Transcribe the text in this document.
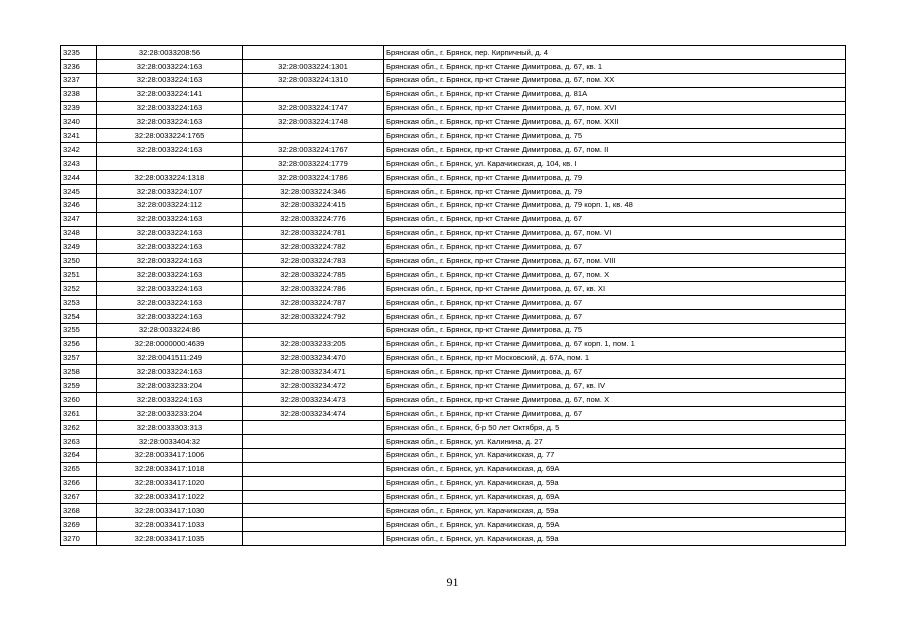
3235	32:28:0033208:56		Брянская обл., г. Брянск, пер. Кирпичный, д. 4
3236	32:28:0033224:163	32:28:0033224:1301	Брянская обл., г. Брянск, пр-кт Станке Димитрова, д. 67, кв. 1
3237	32:28:0033224:163	32:28:0033224:1310	Брянская обл., г. Брянск, пр-кт Станке Димитрова, д. 67, пом. XX
3238	32:28:0033224:141		Брянская обл., г. Брянск, пр-кт Станке Димитрова, д. 81А
3239	32:28:0033224:163	32:28:0033224:1747	Брянская обл., г. Брянск, пр-кт Станке Димитрова, д. 67, пом. XVI
3240	32:28:0033224:163	32:28:0033224:1748	Брянская обл., г. Брянск, пр-кт Станке Димитрова, д. 67, пом. XXII
3241	32:28:0033224:1765		Брянская обл., г. Брянск, пр-кт Станке Димитрова, д. 75
3242	32:28:0033224:163	32:28:0033224:1767	Брянская обл., г. Брянск, пр-кт Станке Димитрова, д. 67, пом. II
3243		32:28:0033224:1779	Брянская обл., г. Брянск, ул. Карачижская, д. 104, кв. I
3244	32:28:0033224:1318	32:28:0033224:1786	Брянская обл., г. Брянск, пр-кт Станке Димитрова, д. 79
3245	32:28:0033224:107	32:28:0033224:346	Брянская обл., г. Брянск, пр-кт Станке Димитрова, д. 79
3246	32:28:0033224:112	32:28:0033224:415	Брянская обл., г. Брянск, пр-кт Станке Димитрова, д. 79 корп. 1, кв. 48
3247	32:28:0033224:163	32:28:0033224:776	Брянская обл., г. Брянск, пр-кт Станке Димитрова, д. 67
3248	32:28:0033224:163	32:28:0033224:781	Брянская обл., г. Брянск, пр-кт Станке Димитрова, д. 67, пом. VI
3249	32:28:0033224:163	32:28:0033224:782	Брянская обл., г. Брянск, пр-кт Станке Димитрова, д. 67
3250	32:28:0033224:163	32:28:0033224:783	Брянская обл., г. Брянск, пр-кт Станке Димитрова, д. 67, пом. VIII
3251	32:28:0033224:163	32:28:0033224:785	Брянская обл., г. Брянск, пр-кт Станке Димитрова, д. 67, пом. X
3252	32:28:0033224:163	32:28:0033224:786	Брянская обл., г. Брянск, пр-кт Станке Димитрова, д. 67, кв. XI
3253	32:28:0033224:163	32:28:0033224:787	Брянская обл., г. Брянск, пр-кт Станке Димитрова, д. 67
3254	32:28:0033224:163	32:28:0033224:792	Брянская обл., г. Брянск, пр-кт Станке Димитрова, д. 67
3255	32:28:0033224:86		Брянская обл., г. Брянск, пр-кт Станке Димитрова, д. 75
3256	32:28:0000000:4639	32:28:0033233:205	Брянская обл., г. Брянск, пр-кт Станке Димитрова, д. 67 корп. 1, пом. 1
3257	32:28:0041511:249	32:28:0033234:470	Брянская обл., г. Брянск, пр-кт Московский, д. 67А, пом. 1
3258	32:28:0033224:163	32:28:0033234:471	Брянская обл., г. Брянск, пр-кт Станке Димитрова, д. 67
3259	32:28:0033233:204	32:28:0033234:472	Брянская обл., г. Брянск, пр-кт Станке Димитрова, д. 67, кв. IV
3260	32:28:0033224:163	32:28:0033234:473	Брянская обл., г. Брянск, пр-кт Станке Димитрова, д. 67, пом. X
3261	32:28:0033233:204	32:28:0033234:474	Брянская обл., г. Брянск, пр-кт Станке Димитрова, д. 67
3262	32:28:0033303:313		Брянская обл., г. Брянск, б-р 50 лет Октября, д. 5
3263	32:28:0033404:32		Брянская обл., г. Брянск, ул. Калинина, д. 27
3264	32:28:0033417:1006		Брянская обл., г. Брянск, ул. Карачижская, д. 77
3265	32:28:0033417:1018		Брянская обл., г. Брянск, ул. Карачижская, д. 69А
3266	32:28:0033417:1020		Брянская обл., г. Брянск, ул. Карачижская, д. 59а
3267	32:28:0033417:1022		Брянская обл., г. Брянск, ул. Карачижская, д. 69А
3268	32:28:0033417:1030		Брянская обл., г. Брянск, ул. Карачижская, д. 59а
3269	32:28:0033417:1033		Брянская обл., г. Брянск, ул. Карачижская, д. 59А
3270	32:28:0033417:1035		Брянская обл., г. Брянск, ул. Карачижская, д. 59а
91
